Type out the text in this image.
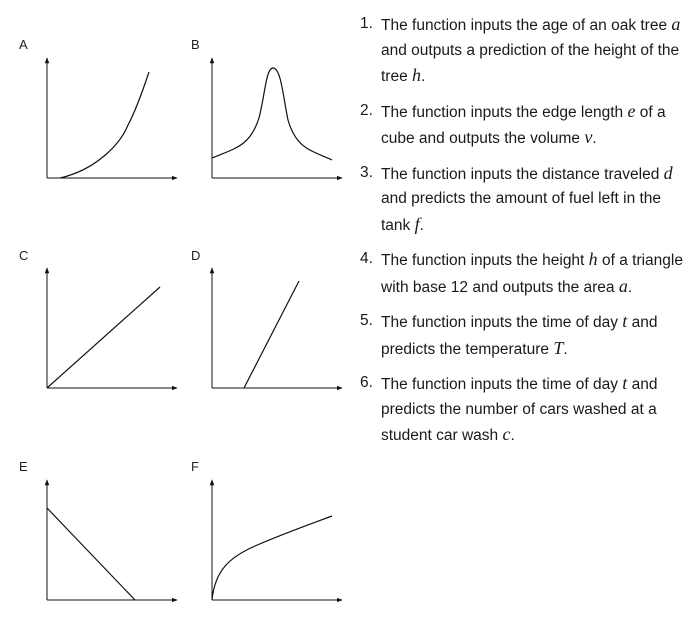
A	B
C	D
E	F
1. The function inputs the age of an oak tree a and outputs a prediction of the height of the tree h.
2. The function inputs the edge length e of a cube and outputs the volume v.
3. The function inputs the distance traveled d and predicts the amount of fuel left in the tank f.
4. The function inputs the height h of a triangle with base 12 and outputs the area a.
5. The function inputs the time of day t and predicts the temperature T.
6. The function inputs the time of day t and predicts the number of cars washed at a student car wash c.
